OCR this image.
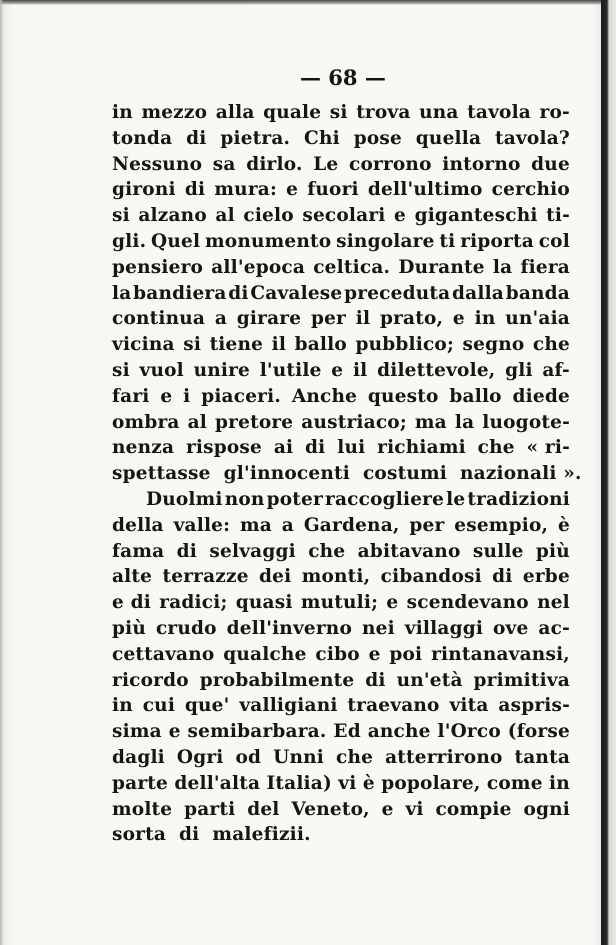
— 68 —
in mezzo alla quale si trova una tavola ro-
tonda di pietra. Chi pose quella tavola?
Nessuno sa dirlo. Le corrono intorno due
gironi di mura: e fuori dell'ultimo cerchio
si alzano al cielo secolari e giganteschi ti-
gli. Quel monumento singolare ti riporta col
pensiero all'epoca celtica. Durante la fiera
la bandiera di Cavalese preceduta dalla banda
continua a girare per il prato, e in un'aia
vicina si tiene il ballo pubblico; segno che
si vuol unire l'utile e il dilettevole, gli af-
fari e i piaceri. Anche questo ballo diede
ombra al pretore austriaco; ma la luogote-
nenza rispose ai di lui richiami che « ri-
spettasse gl'innocenti costumi nazionali ».
Duolmi non poter raccogliere le tradizioni
della valle: ma a Gardena, per esempio, è
fama di selvaggi che abitavano sulle più
alte terrazze dei monti, cibandosi di erbe
e di radici; quasi mutuli; e scendevano nel
più crudo dell'inverno nei villaggi ove ac-
cettavano qualche cibo e poi rintanavansi,
ricordo probabilmente di un'età primitiva
in cui que' valligiani traevano vita aspris-
sima e semibarbara. Ed anche l'Orco (forse
dagli Ogri od Unni che atterrirono tanta
parte dell'alta Italia) vi è popolare, come in
molte parti del Veneto, e vi compie ogni
sorta di malefizii.
